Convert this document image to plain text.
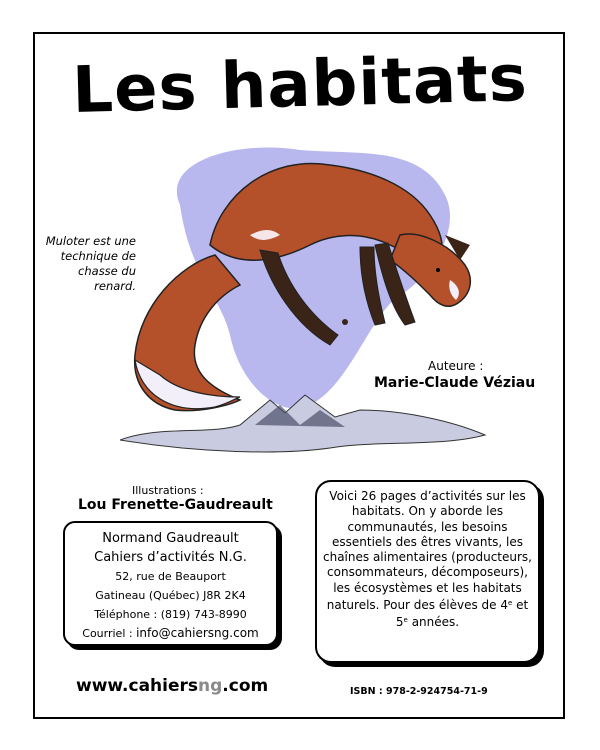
Les habitats
Muloter est une technique de chasse du renard.
Auteure :
Marie-Claude Véziau
Illustrations :
Lou Frenette-Gaudreault
Normand Gaudreault
Cahiers d’activités N.G.
52, rue de Beauport
Gatineau (Québec) J8R 2K4
Téléphone : (819) 743-8990
Courriel : info@cahiersng.com
Voici 26 pages d’activités sur les habitats. On y aborde les communautés, les besoins essentiels des êtres vivants, les chaînes alimentaires (producteurs, consommateurs, décomposeurs), les écosystèmes et les habitats naturels. Pour des élèves de 4e et 5e années.
www.cahiersng.com	ISBN : 978-2-924754-71-9
